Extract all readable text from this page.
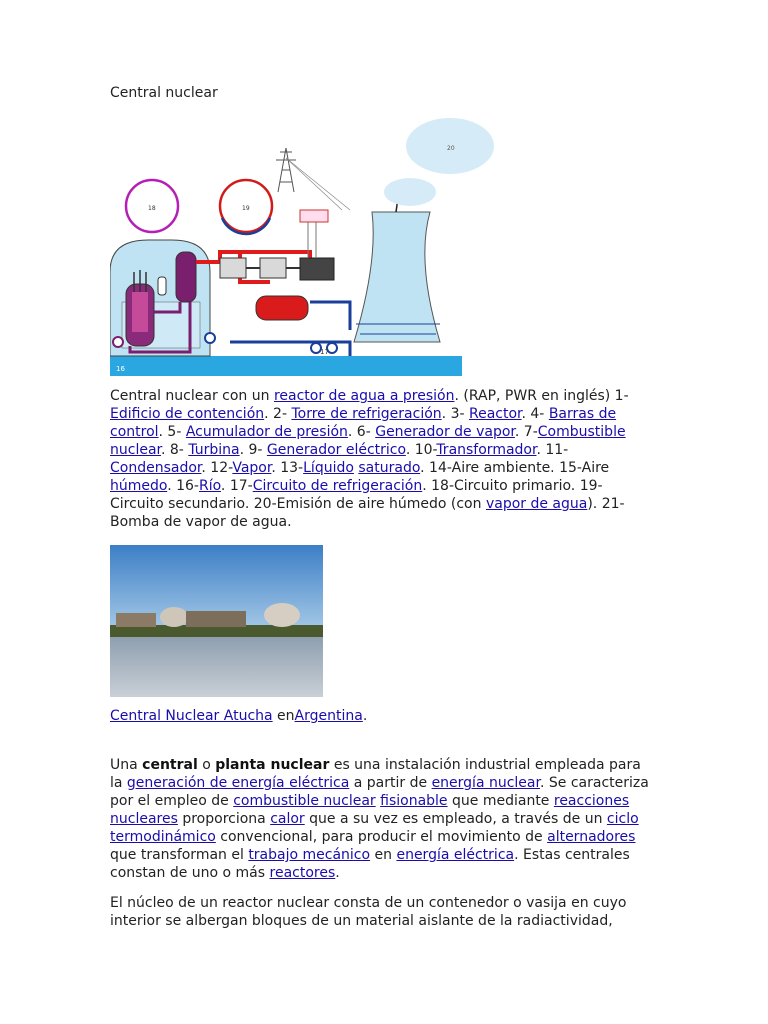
Central nuclear
16
20
18	19
17
Central nuclear con un reactor de agua a presión. (RAP, PWR en inglés) 1- Edificio de contención. 2- Torre de refrigeración. 3- Reactor. 4- Barras de control. 5- Acumulador de presión. 6- Generador de vapor. 7-Combustible nuclear. 8- Turbina. 9- Generador eléctrico. 10-Transformador. 11-Condensador. 12-Vapor. 13-Líquido saturado. 14-Aire ambiente. 15-Aire húmedo. 16-Río. 17-Circuito de refrigeración. 18-Circuito primario. 19-Circuito secundario. 20-Emisión de aire húmedo (con vapor de agua). 21-Bomba de vapor de agua.
Central Nuclear Atucha enArgentina.
Una central o planta nuclear es una instalación industrial empleada para la generación de energía eléctrica a partir de energía nuclear. Se caracteriza por el empleo de combustible nuclear fisionable que mediante reacciones nucleares proporciona calor que a su vez es empleado, a través de un ciclo termodinámico convencional, para producir el movimiento de alternadores que transforman el trabajo mecánico en energía eléctrica. Estas centrales constan de uno o más reactores.
El núcleo de un reactor nuclear consta de un contenedor o vasija en cuyo interior se albergan bloques de un material aislante de la radiactividad,
